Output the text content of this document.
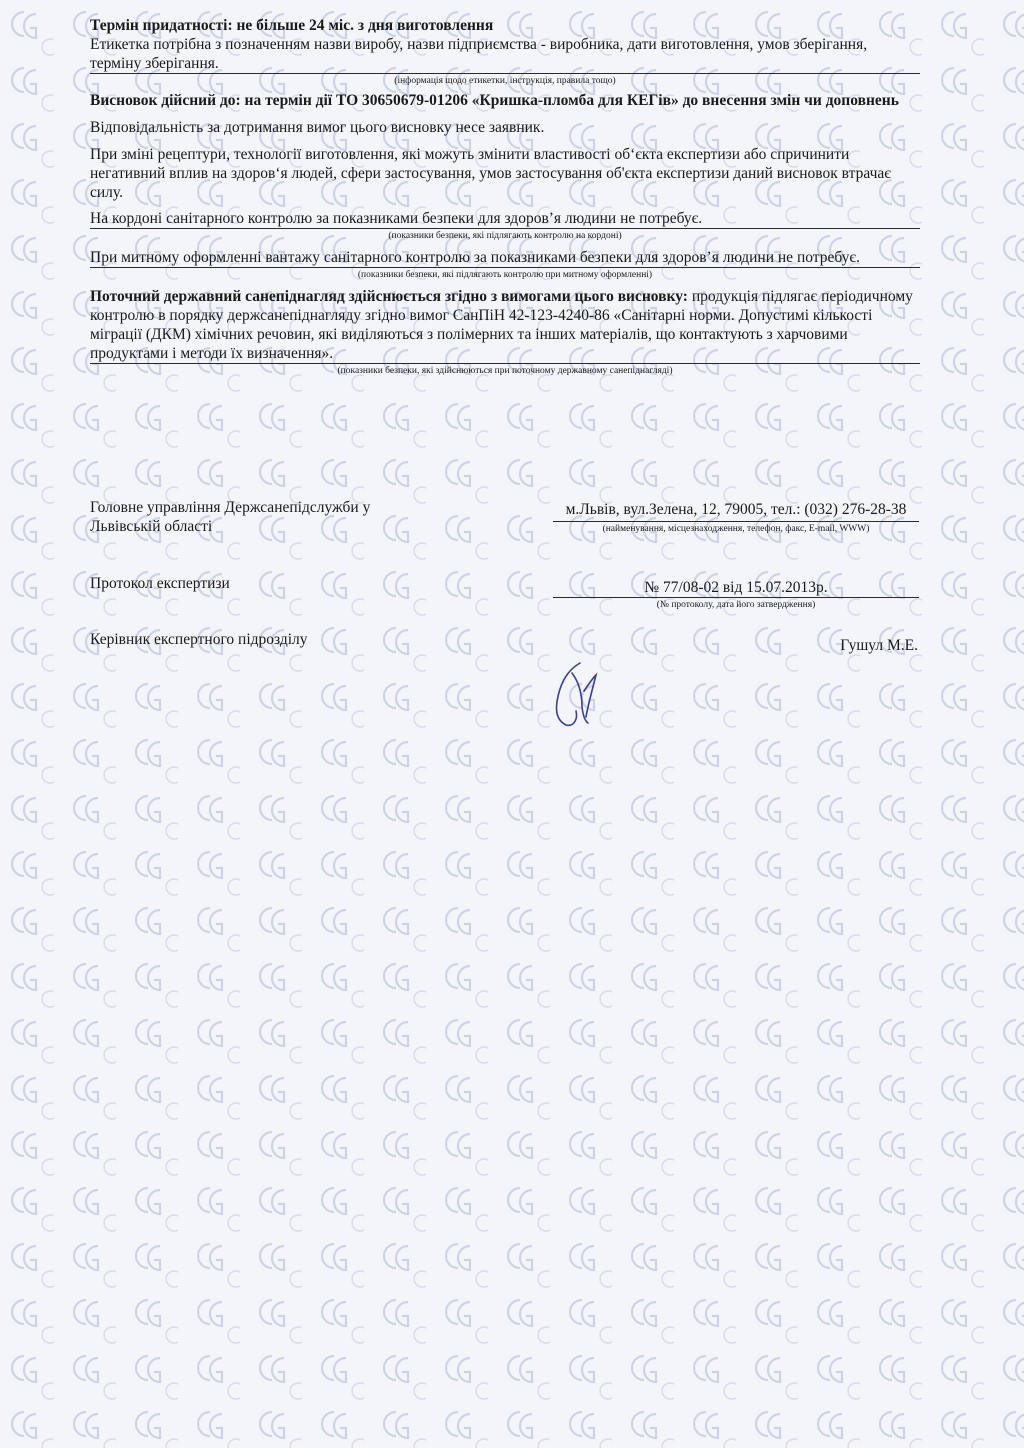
Термін придатності: не більше 24 міс. з дня виготовлення

Етикетка потрібна з позначенням назви виробу, назви підприємства - виробника, дати виготовлення, умов зберігання, терміну зберігання.

(інформація щодо етикетки, інструкція, правила тощо)

Висновок дійсний до: на термін дії ТО 30650679-01206 «Кришка-пломба для КЕГів» до внесення змін чи доповнень

Відповідальність за дотримання вимог цього висновку несе заявник.

При зміні рецептури, технології виготовлення, які можуть змінити властивості об‘єкта експертизи або спричинити негативний вплив на здоров‘я людей, сфери застосування, умов застосування об'єкта експертизи даний висновок втрачає силу.

На кордоні санітарного контролю за показниками безпеки для здоров’я людини не потребує.

(показники безпеки, які підлягають контролю на кордоні)

При митному оформленні вантажу санітарного контролю за показниками безпеки для здоров’я людини не потребує.

(показники безпеки, які підлягають контролю при митному оформленні)

Поточний державний санепіднагляд здійснюється згідно з вимогами цього висновку: продукція підлягає періодичному контролю в порядку держсанепіднагляду згідно вимог СанПіН 42-123-4240-86 «Санітарні норми. Допустимі кількості міграції (ДКМ) хімічних речовин, які виділяються з полімерних та інших матеріалів, що контактують з харчовими продуктами і методи їх визначення».

(показники безпеки, які здійснюються при поточному державному санепіднагляді)
Головне управління Держсанепідслужби у Львівській області
м.Львів, вул.Зелена, 12, 79005, тел.: (032) 276-28-38
(найменування, місцезнаходження, телефон, факс, E-mail, WWW)
Протокол експертизи	№ 77/08-02 від 15.07.2013р.
(№ протоколу, дата його затвердження)
Керівник експертного підрозділу	Гушул М.Е.
